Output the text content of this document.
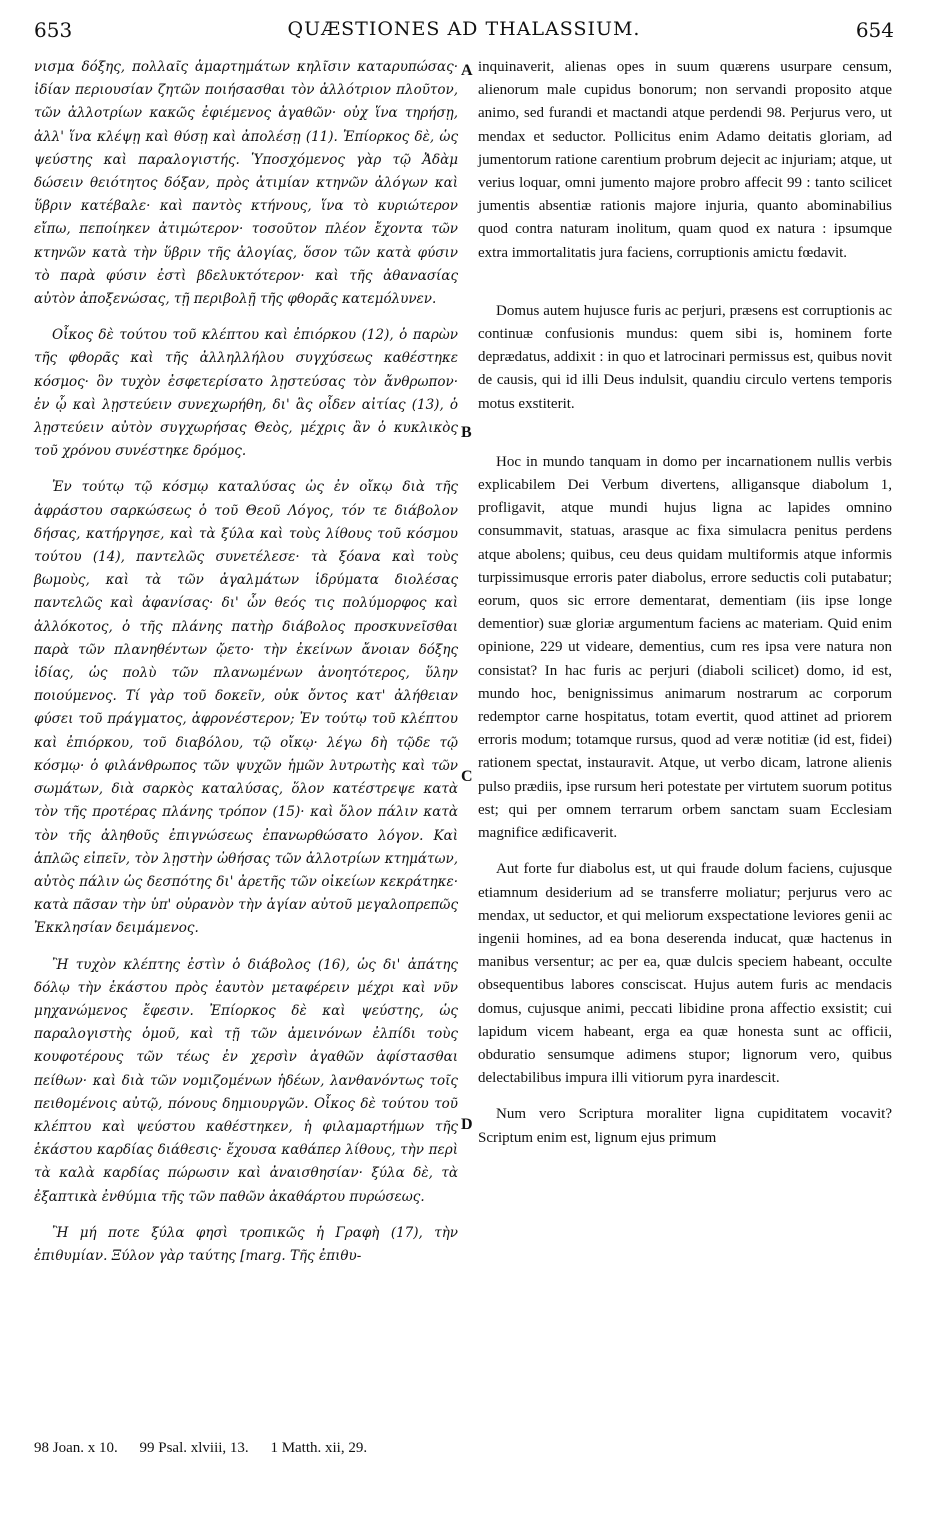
653	QUÆSTIONES AD THALASSIUM.	654

νισμα δόξης, πολλαῖς ἁμαρτημάτων κηλῖσιν καταρυπώσας· ἰδίαν περιουσίαν ζητῶν ποιήσασθαι τὸν ἀλλότριον πλοῦτον, τῶν ἀλλοτρίων κακῶς ἐφιέμενος ἀγαθῶν· οὐχ ἵνα τηρήσῃ, ἀλλ' ἵνα κλέψῃ καὶ θύσῃ καὶ ἀπολέσῃ (11). Ἐπίορκος δὲ, ὡς ψεύστης καὶ παραλογιστής. Ὑποσχόμενος γὰρ τῷ Ἀδὰμ δώσειν θειότητος δόξαν, πρὸς ἀτιμίαν κτηνῶν ἀλόγων καὶ ὕβριν κατέβαλε· καὶ παντὸς κτήνους, ἵνα τὸ κυριώτερον εἴπω, πεποίηκεν ἀτιμώτερον· τοσοῦτον πλέον ἔχοντα τῶν κτηνῶν κατὰ τὴν ὕβριν τῆς ἀλογίας, ὅσον τῶν κατὰ φύσιν τὸ παρὰ φύσιν ἐστὶ βδελυκτότερον· καὶ τῆς ἀθανασίας αὐτὸν ἀποξενώσας, τῇ περιβολῇ τῆς φθορᾶς κατεμόλυνεν.

Οἶκος δὲ τούτου τοῦ κλέπτου καὶ ἐπιόρκου (12), ὁ παρὼν τῆς φθορᾶς καὶ τῆς ἀλληλλήλου συγχύσεως καθέστηκε κόσμος· ὃν τυχὸν ἐσφετερίσατο λῃστεύσας τὸν ἄνθρωπον· ἐν ᾧ καὶ λῃστεύειν συνεχωρήθη, δι' ἃς οἶδεν αἰτίας (13), ὁ λῃστεύειν αὐτὸν συγχωρήσας Θεὸς, μέχρις ἂν ὁ κυκλικὸς τοῦ χρόνου συνέστηκε δρόμος.

Ἐν τούτῳ τῷ κόσμῳ καταλύσας ὡς ἐν οἴκῳ διὰ τῆς ἀφράστου σαρκώσεως ὁ τοῦ Θεοῦ Λόγος, τόν τε διάβολον δήσας, κατήργησε, καὶ τὰ ξύλα καὶ τοὺς λίθους τοῦ κόσμου τούτου (14), παντελῶς συνετέλεσε· τὰ ξόανα καὶ τοὺς βωμοὺς, καὶ τὰ τῶν ἀγαλμάτων ἱδρύματα διολέσας παντελῶς καὶ ἀφανίσας· δι' ὧν θεός τις πολύμορφος καὶ ἀλλόκοτος, ὁ τῆς πλάνης πατὴρ διάβολος προσκυνεῖσθαι παρὰ τῶν πλανηθέντων ᾤετο· τὴν ἐκείνων ἄνοιαν δόξης ἰδίας, ὡς πολὺ τῶν πλανωμένων ἀνοητότερος, ὕλην ποιούμενος. Τί γὰρ τοῦ δοκεῖν, οὐκ ὄντος κατ' ἀλήθειαν φύσει τοῦ πράγματος, ἀφρονέστερον; Ἐν τούτῳ τοῦ κλέπτου καὶ ἐπιόρκου, τοῦ διαβόλου, τῷ οἴκῳ· λέγω δὴ τῷδε τῷ κόσμῳ· ὁ φιλάνθρωπος τῶν ψυχῶν ἡμῶν λυτρωτὴς καὶ τῶν σωμάτων, διὰ σαρκὸς καταλύσας, ὅλον κατέστρεψε κατὰ τὸν τῆς προτέρας πλάνης τρόπον (15)· καὶ ὅλον πάλιν κατὰ τὸν τῆς ἀληθοῦς ἐπιγνώσεως ἐπανωρθώσατο λόγον. Καὶ ἁπλῶς εἰπεῖν, τὸν λῃστὴν ὠθήσας τῶν ἀλλοτρίων κτημάτων, αὐτὸς πάλιν ὡς δεσπότης δι' ἀρετῆς τῶν οἰκείων κεκράτηκε· κατὰ πᾶσαν τὴν ὑπ' οὐρανὸν τὴν ἁγίαν αὐτοῦ μεγαλοπρεπῶς Ἐκκλησίαν δειμάμενος.

Ἢ τυχὸν κλέπτης ἐστὶν ὁ διάβολος (16), ὡς δι' ἀπάτης δόλῳ τὴν ἑκάστου πρὸς ἑαυτὸν μεταφέρειν μέχρι καὶ νῦν μηχανώμενος ἔφεσιν. Ἐπίορκος δὲ καὶ ψεύστης, ὡς παραλογιστὴς ὁμοῦ, καὶ τῇ τῶν ἀμεινόνων ἐλπίδι τοὺς κουφοτέρους τῶν τέως ἐν χερσὶν ἀγαθῶν ἀφίστασθαι πείθων· καὶ διὰ τῶν νομιζομένων ἡδέων, λανθανόντως τοῖς πειθομένοις αὐτῷ, πόνους δημιουργῶν. Οἶκος δὲ τούτου τοῦ κλέπτου καὶ ψεύστου καθέστηκεν, ἡ φιλαμαρτήμων τῆς ἑκάστου καρδίας διάθεσις· ἔχουσα καθάπερ λίθους, τὴν περὶ τὰ καλὰ καρδίας πώρωσιν καὶ ἀναισθησίαν· ξύλα δὲ, τὰ ἐξαπτικὰ ἐνθύμια τῆς τῶν παθῶν ἀκαθάρτου πυρώσεως.

Ἢ μή ποτε ξύλα φησὶ τροπικῶς ἡ Γραφὴ (17), τὴν ἐπιθυμίαν. Ξύλον γὰρ ταύτης [marg. Τῆς ἐπιθυ-

A
B
C
D

inquinaverit, alienas opes in suum quærens usurpare censum, alienorum male cupidus bonorum; non servandi proposito atque animo, sed furandi et mactandi atque perdendi 98. Perjurus vero, ut mendax et seductor. Pollicitus enim Adamo deitatis gloriam, ad jumentorum ratione carentium probrum dejecit ac injuriam; atque, ut verius loquar, omni jumento majore probro affecit 99 : tanto scilicet jumentis absentiæ rationis majore injuria, quanto abominabilius quod contra naturam inolitum, quam quod ex natura : ipsumque extra immortalitatis jura faciens, corruptionis amictu fœdavit.

Domus autem hujusce furis ac perjuri, præsens est corruptionis ac continuæ confusionis mundus: quem sibi is, hominem forte deprædatus, addixit : in quo et latrocinari permissus est, quibus novit de causis, qui id illi Deus indulsit, quandiu circulo vertens temporis motus exstiterit.

Hoc in mundo tanquam in domo per incarnationem nullis verbis explicabilem Dei Verbum divertens, alligansque diabolum 1, profligavit, atque mundi hujus ligna ac lapides omnino consummavit, statuas, arasque ac fixa simulacra penitus perdens atque abolens; quibus, ceu deus quidam multiformis atque informis turpissimusque erroris pater diabolus, errore seductis coli putabatur; eorum, quos sic errore dementarat, dementiam (iis ipse longe dementior) suæ gloriæ argumentum faciens ac materiam. Quid enim opinione, 229 ut videare, dementius, cum res ipsa vere natura non consistat? In hac furis ac perjuri (diaboli scilicet) domo, id est, mundo hoc, benignissimus animarum nostrarum ac corporum redemptor carne hospitatus, totam evertit, quod attinet ad priorem erroris modum; totamque rursus, quod ad veræ notitiæ (id est, fidei) rationem spectat, instauravit. Atque, ut verbo dicam, latrone alienis pulso prædiis, ipse rursum heri potestate per virtutem suorum potitus est; qui per omnem terrarum orbem sanctam suam Ecclesiam magnifice ædificaverit.

Aut forte fur diabolus est, ut qui fraude dolum faciens, cujusque etiamnum desiderium ad se transferre moliatur; perjurus vero ac mendax, ut seductor, et qui meliorum exspectatione leviores genii ac ingenii homines, ad ea bona deserenda inducat, quæ hactenus in manibus versentur; ac per ea, quæ dulcis speciem habeant, occulte obsequentibus labores consciscat. Hujus autem furis ac mendacis domus, cujusque animi, peccati libidine prona affectio exsistit; cui lapidum vicem habeant, erga ea quæ honesta sunt ac officii, obduratio sensumque adimens stupor; lignorum vero, quibus delectabilibus impura illi vitiorum pyra inardescit.

Num vero Scriptura moraliter ligna cupiditatem vocavit? Scriptum enim est, lignum ejus primum

98 Joan. x 10. 99 Psal. xlviii, 13. 1 Matth. xii, 29.
